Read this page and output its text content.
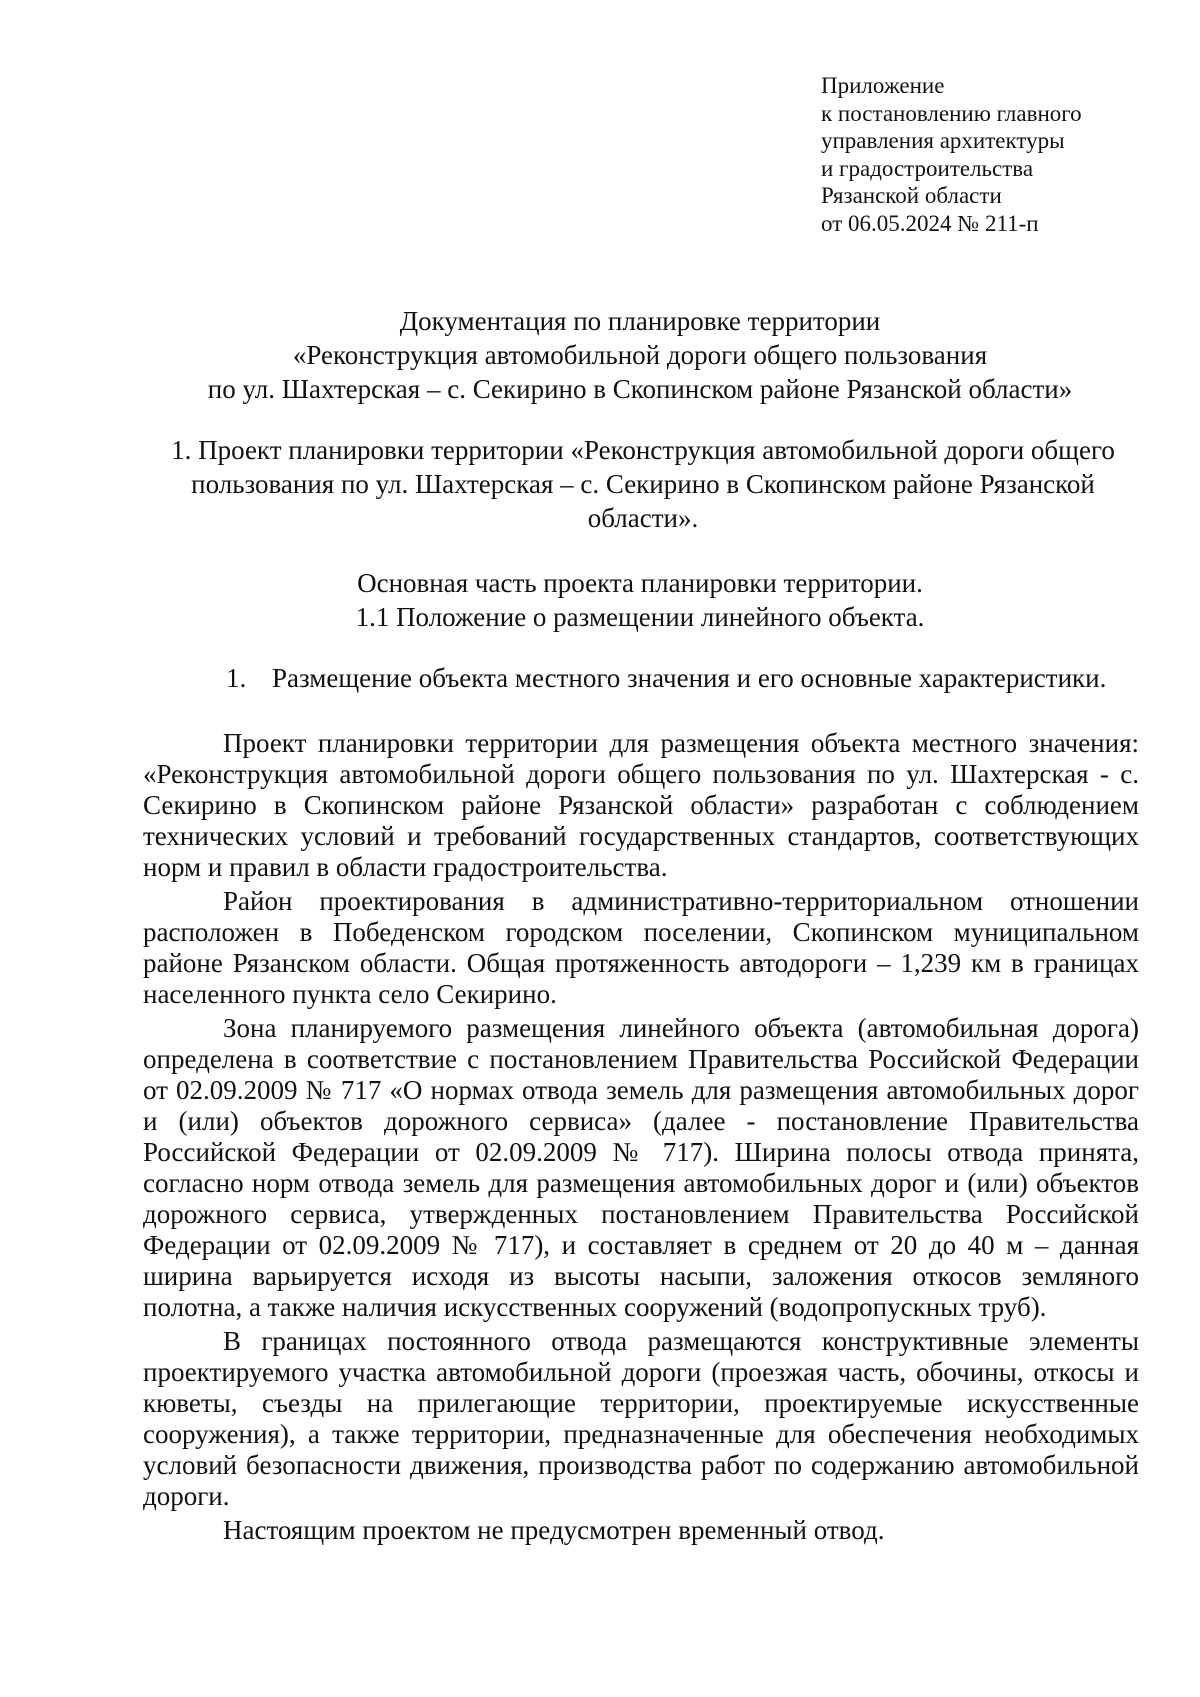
Приложение
к постановлению главного
управления архитектуры
и градостроительства
Рязанской области
от 06.05.2024 № 211-п
Документация по планировке территории
«Реконструкция автомобильной дороги общего пользования
по ул. Шахтерская – с. Секирино в Скопинском районе Рязанской области»
1. Проект планировки территории «Реконструкция автомобильной дороги общего пользования по ул. Шахтерская – с. Секирино в Скопинском районе Рязанской области».
Основная часть проекта планировки территории.
1.1 Положение о размещении линейного объекта.
1. Размещение объекта местного значения и его основные характеристики.

Проект планировки территории для размещения объекта местного значения: «Реконструкция автомобильной дороги общего пользования по ул. Шахтерская - с. Секирино в Скопинском районе Рязанской области» разработан с соблюдением технических условий и требований государственных стандартов, соответствующих норм и правил в области градостроительства.

Район проектирования в административно-территориальном отношении расположен в Победенском городском поселении, Скопинском муниципальном районе Рязанском области. Общая протяженность автодороги – 1,239 км в границах населенного пункта село Секирино.

Зона планируемого размещения линейного объекта (автомобильная дорога) определена в соответствие с постановлением Правительства Российской Федерации от 02.09.2009 № 717 «О нормах отвода земель для размещения автомобильных дорог и (или) объектов дорожного сервиса» (далее - постановление Правительства Российской Федерации от 02.09.2009 № 717). Ширина полосы отвода принята, согласно норм отвода земель для размещения автомобильных дорог и (или) объектов дорожного сервиса, утвержденных постановлением Правительства Российской Федерации от 02.09.2009 № 717), и составляет в среднем от 20 до 40 м – данная ширина варьируется исходя из высоты насыпи, заложения откосов земляного полотна, а также наличия искусственных сооружений (водопропускных труб).

В границах постоянного отвода размещаются конструктивные элементы проектируемого участка автомобильной дороги (проезжая часть, обочины, откосы и кюветы, съезды на прилегающие территории, проектируемые искусственные сооружения), а также территории, предназначенные для обеспечения необходимых условий безопасности движения, производства работ по содержанию автомобильной дороги.

Настоящим проектом не предусмотрен временный отвод.
